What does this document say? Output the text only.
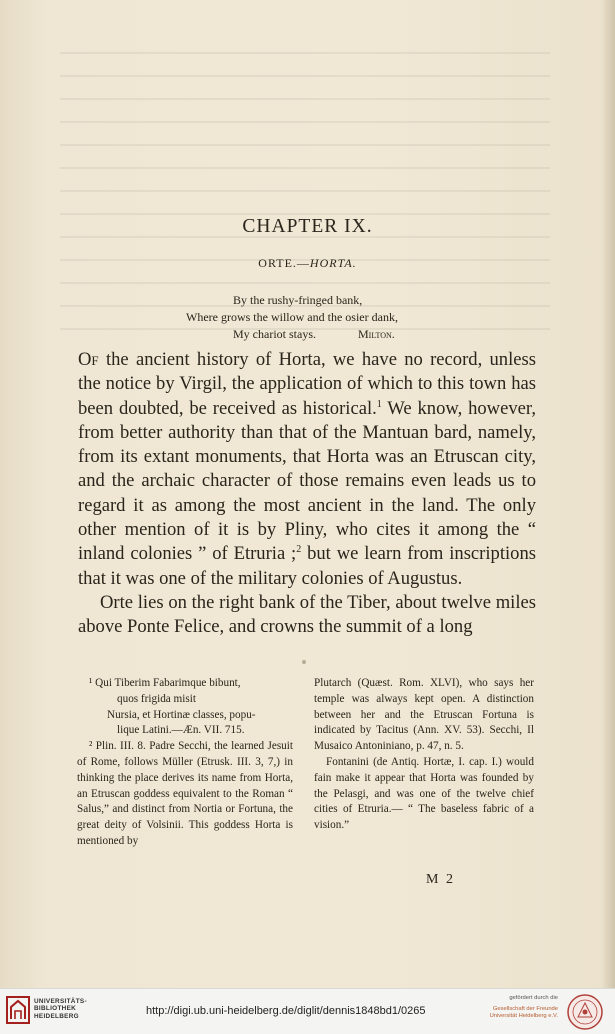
CHAPTER IX.
ORTE.—HORTA.
By the rushy-fringed bank,
Where grows the willow and the osier dank,
My chariot stays.	Milton.

Of the ancient history of Horta, we have no record, unless the notice by Virgil, the application of which to this town has been doubted, be received as historical.$^1$ We know, however, from better authority than that of the Mantuan bard, namely, from its extant monuments, that Horta was an Etruscan city, and the archaic character of those remains even leads us to regard it as among the most ancient in the land. The only other mention of it is by Pliny, who cites it among the “ inland colonies ” of Etruria ;$^2$ but we learn from inscriptions that it was one of the military colonies of Augustus.

Orte lies on the right bank of the Tiber, about twelve miles above Ponte Felice, and crowns the summit of a long

¹ Qui Tiberim Fabarimque bibunt,
quos frigida misit
Nursia, et Hortinæ classes, popu-
lique Latini.—Æn. VII. 715.

² Plin. III. 8. Padre Secchi, the learned Jesuit of Rome, follows Müller (Etrusk. III. 3, 7,) in thinking the place derives its name from Horta, an Etruscan goddess equivalent to the Roman “ Salus,” and distinct from Nortia or Fortuna, the great deity of Volsinii. This goddess Horta is mentioned by

Plutarch (Quæst. Rom. XLVI), who says her temple was always kept open. A distinction between her and the Etruscan Fortuna is indicated by Tacitus (Ann. XV. 53). Secchi, Il Musaico Antoniniano, p. 47, n. 5.

Fontanini (de Antiq. Hortæ, I. cap. I.) would fain make it appear that Horta was founded by the Pelasgi, and was one of the twelve chief cities of Etruria.— “ The baseless fabric of a vision.”

M 2
UNIVERSITÄTS-
BIBLIOTHEK
HEIDELBERG	http://digi.ub.uni-heidelberg.de/diglit/dennis1848bd1/0265
gefördert durch die
Gesellschaft der Freunde
Universität Heidelberg e.V.
